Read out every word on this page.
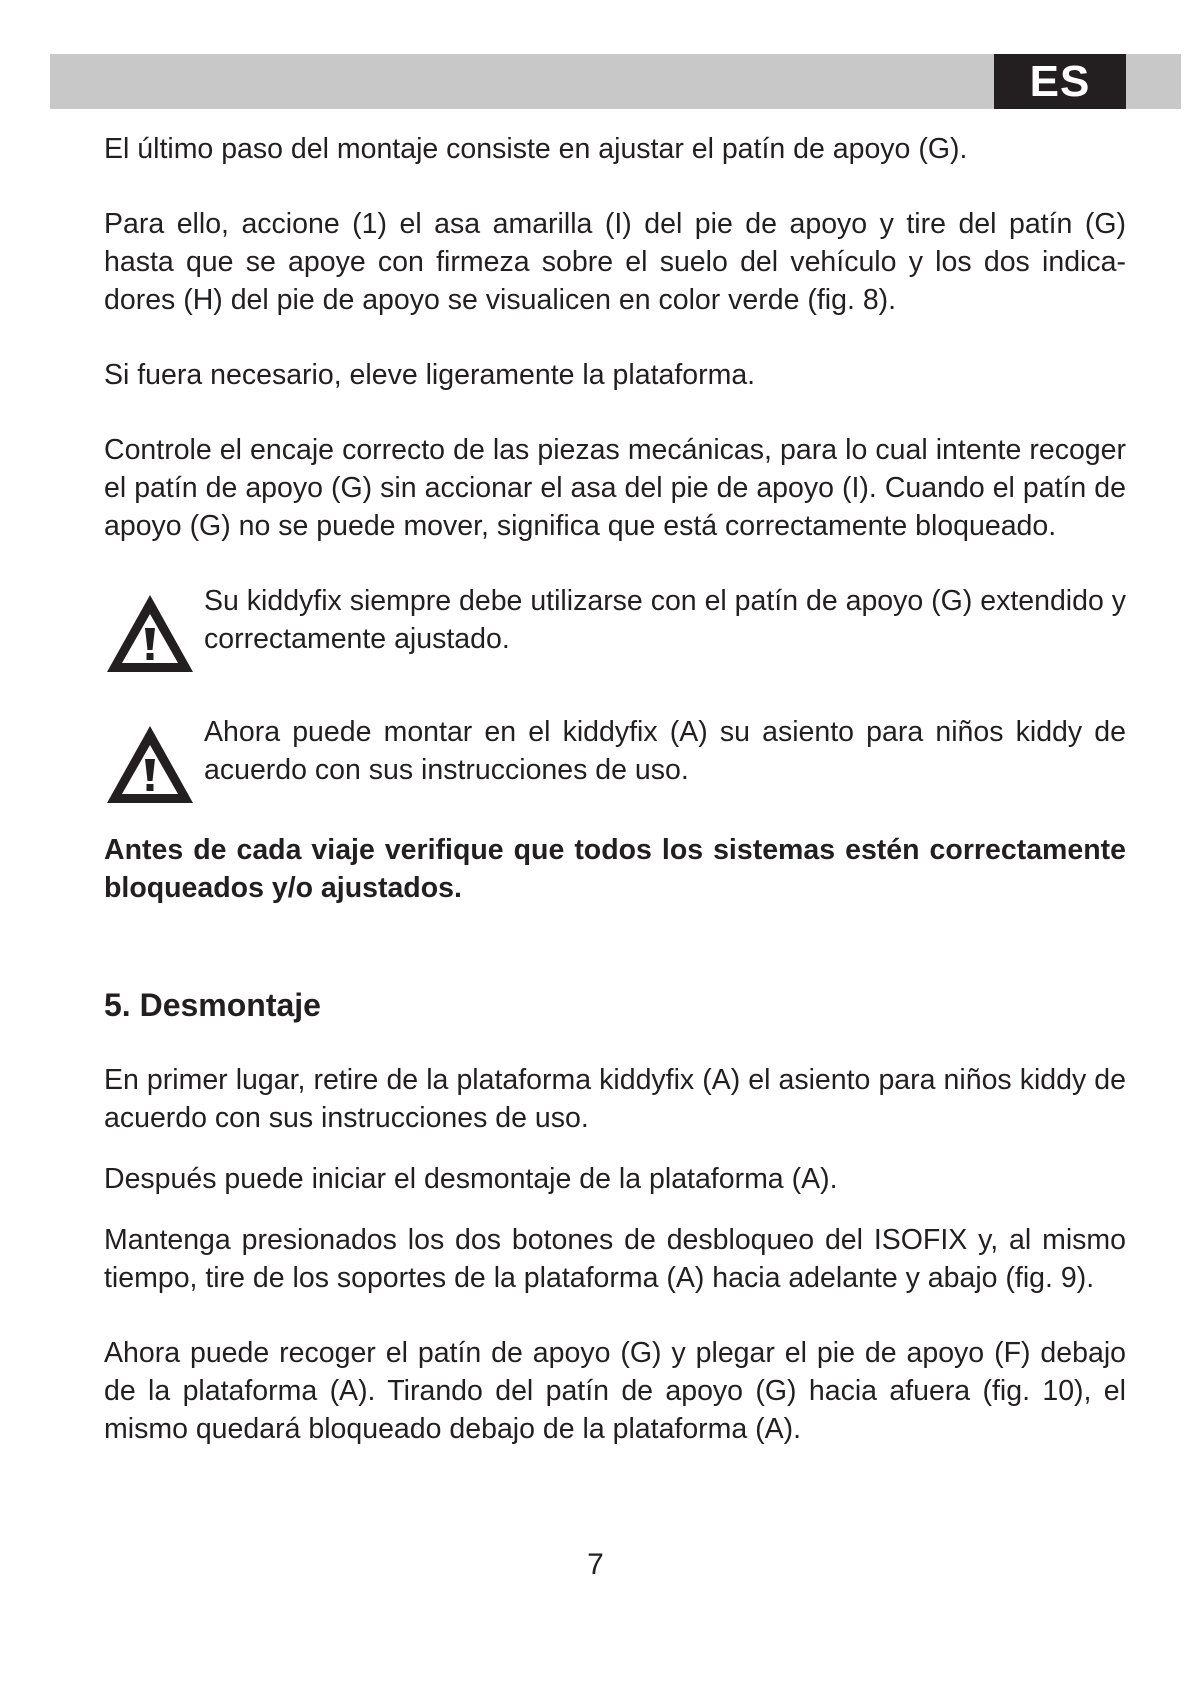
ES

El último paso del montaje consiste en ajustar el patín de apoyo (G).

Para ello, accione (1) el asa amarilla (I) del pie de apoyo y tire del patín (G) hasta que se apoye con firmeza sobre el suelo del vehículo y los dos indicadores (H) del pie de apoyo se visualicen en color verde (fig. 8).

Si fuera necesario, eleve ligeramente la plataforma.

Controle el encaje correcto de las piezas mecánicas, para lo cual intente recoger el patín de apoyo (G) sin accionar el asa del pie de apoyo (I). Cuando el patín de apoyo (G) no se puede mover, significa que está correctamente bloqueado.

Su kiddyfix siempre debe utilizarse con el patín de apoyo (G) extendido y correctamente ajustado.

Ahora puede montar en el kiddyfix (A) su asiento para niños kiddy de acuerdo con sus instrucciones de uso.

Antes de cada viaje verifique que todos los sistemas estén correctamente bloqueados y/o ajustados.

5. Desmontaje

En primer lugar, retire de la plataforma kiddyfix (A) el asiento para niños kiddy de acuerdo con sus instrucciones de uso.

Después puede iniciar el desmontaje de la plataforma (A).

Mantenga presionados los dos botones de desbloqueo del ISOFIX y, al mismo tiempo, tire de los soportes de la plataforma (A) hacia adelante y abajo (fig. 9).

Ahora puede recoger el patín de apoyo (G) y plegar el pie de apoyo (F) debajo de la plataforma (A). Tirando del patín de apoyo (G) hacia afuera (fig. 10), el mismo quedará bloqueado debajo de la plataforma (A).

7
